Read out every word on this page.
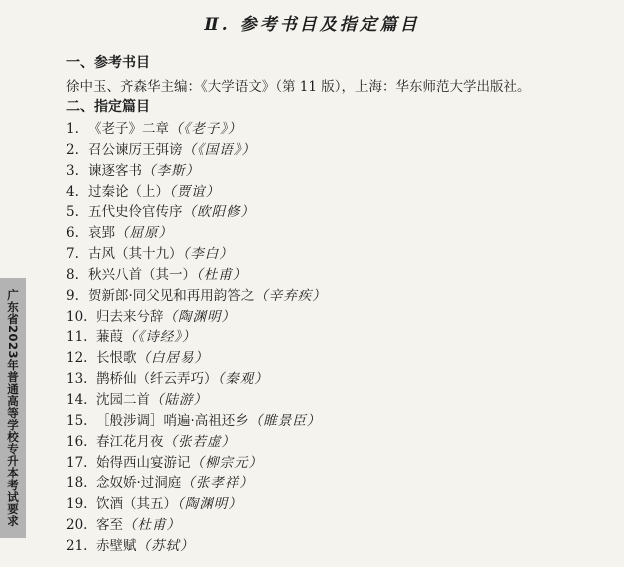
Ⅱ. 参考书目及指定篇目
一、参考书目
徐中玉、齐森华主编：《大学语文》（第 11 版），上海：华东师范大学出版社。
二、指定篇目
1. 《老子》二章（《老子》）
2. 召公谏厉王弭谤（《国语》）
3. 谏逐客书（李斯）
4. 过秦论（上）（贾谊）
5. 五代史伶官传序（欧阳修）
6. 哀郢（屈原）
7. 古风（其十九）（李白）
8. 秋兴八首（其一）（杜甫）
9. 贺新郎·同父见和再用韵答之（辛弃疾）
10. 归去来兮辞（陶渊明）
11. 蒹葭（《诗经》）
12. 长恨歌（白居易）
13. 鹊桥仙（纤云弄巧）（秦观）
14. 沈园二首（陆游）
15. ［般涉调］哨遍·高祖还乡（睢景臣）
16. 春江花月夜（张若虚）
17. 始得西山宴游记（柳宗元）
18. 念奴娇·过洞庭（张孝祥）
19. 饮酒（其五）（陶渊明）
20. 客至（杜甫）
21. 赤壁赋（苏轼）
广东省2023年普通高等学校专升本考试要求
